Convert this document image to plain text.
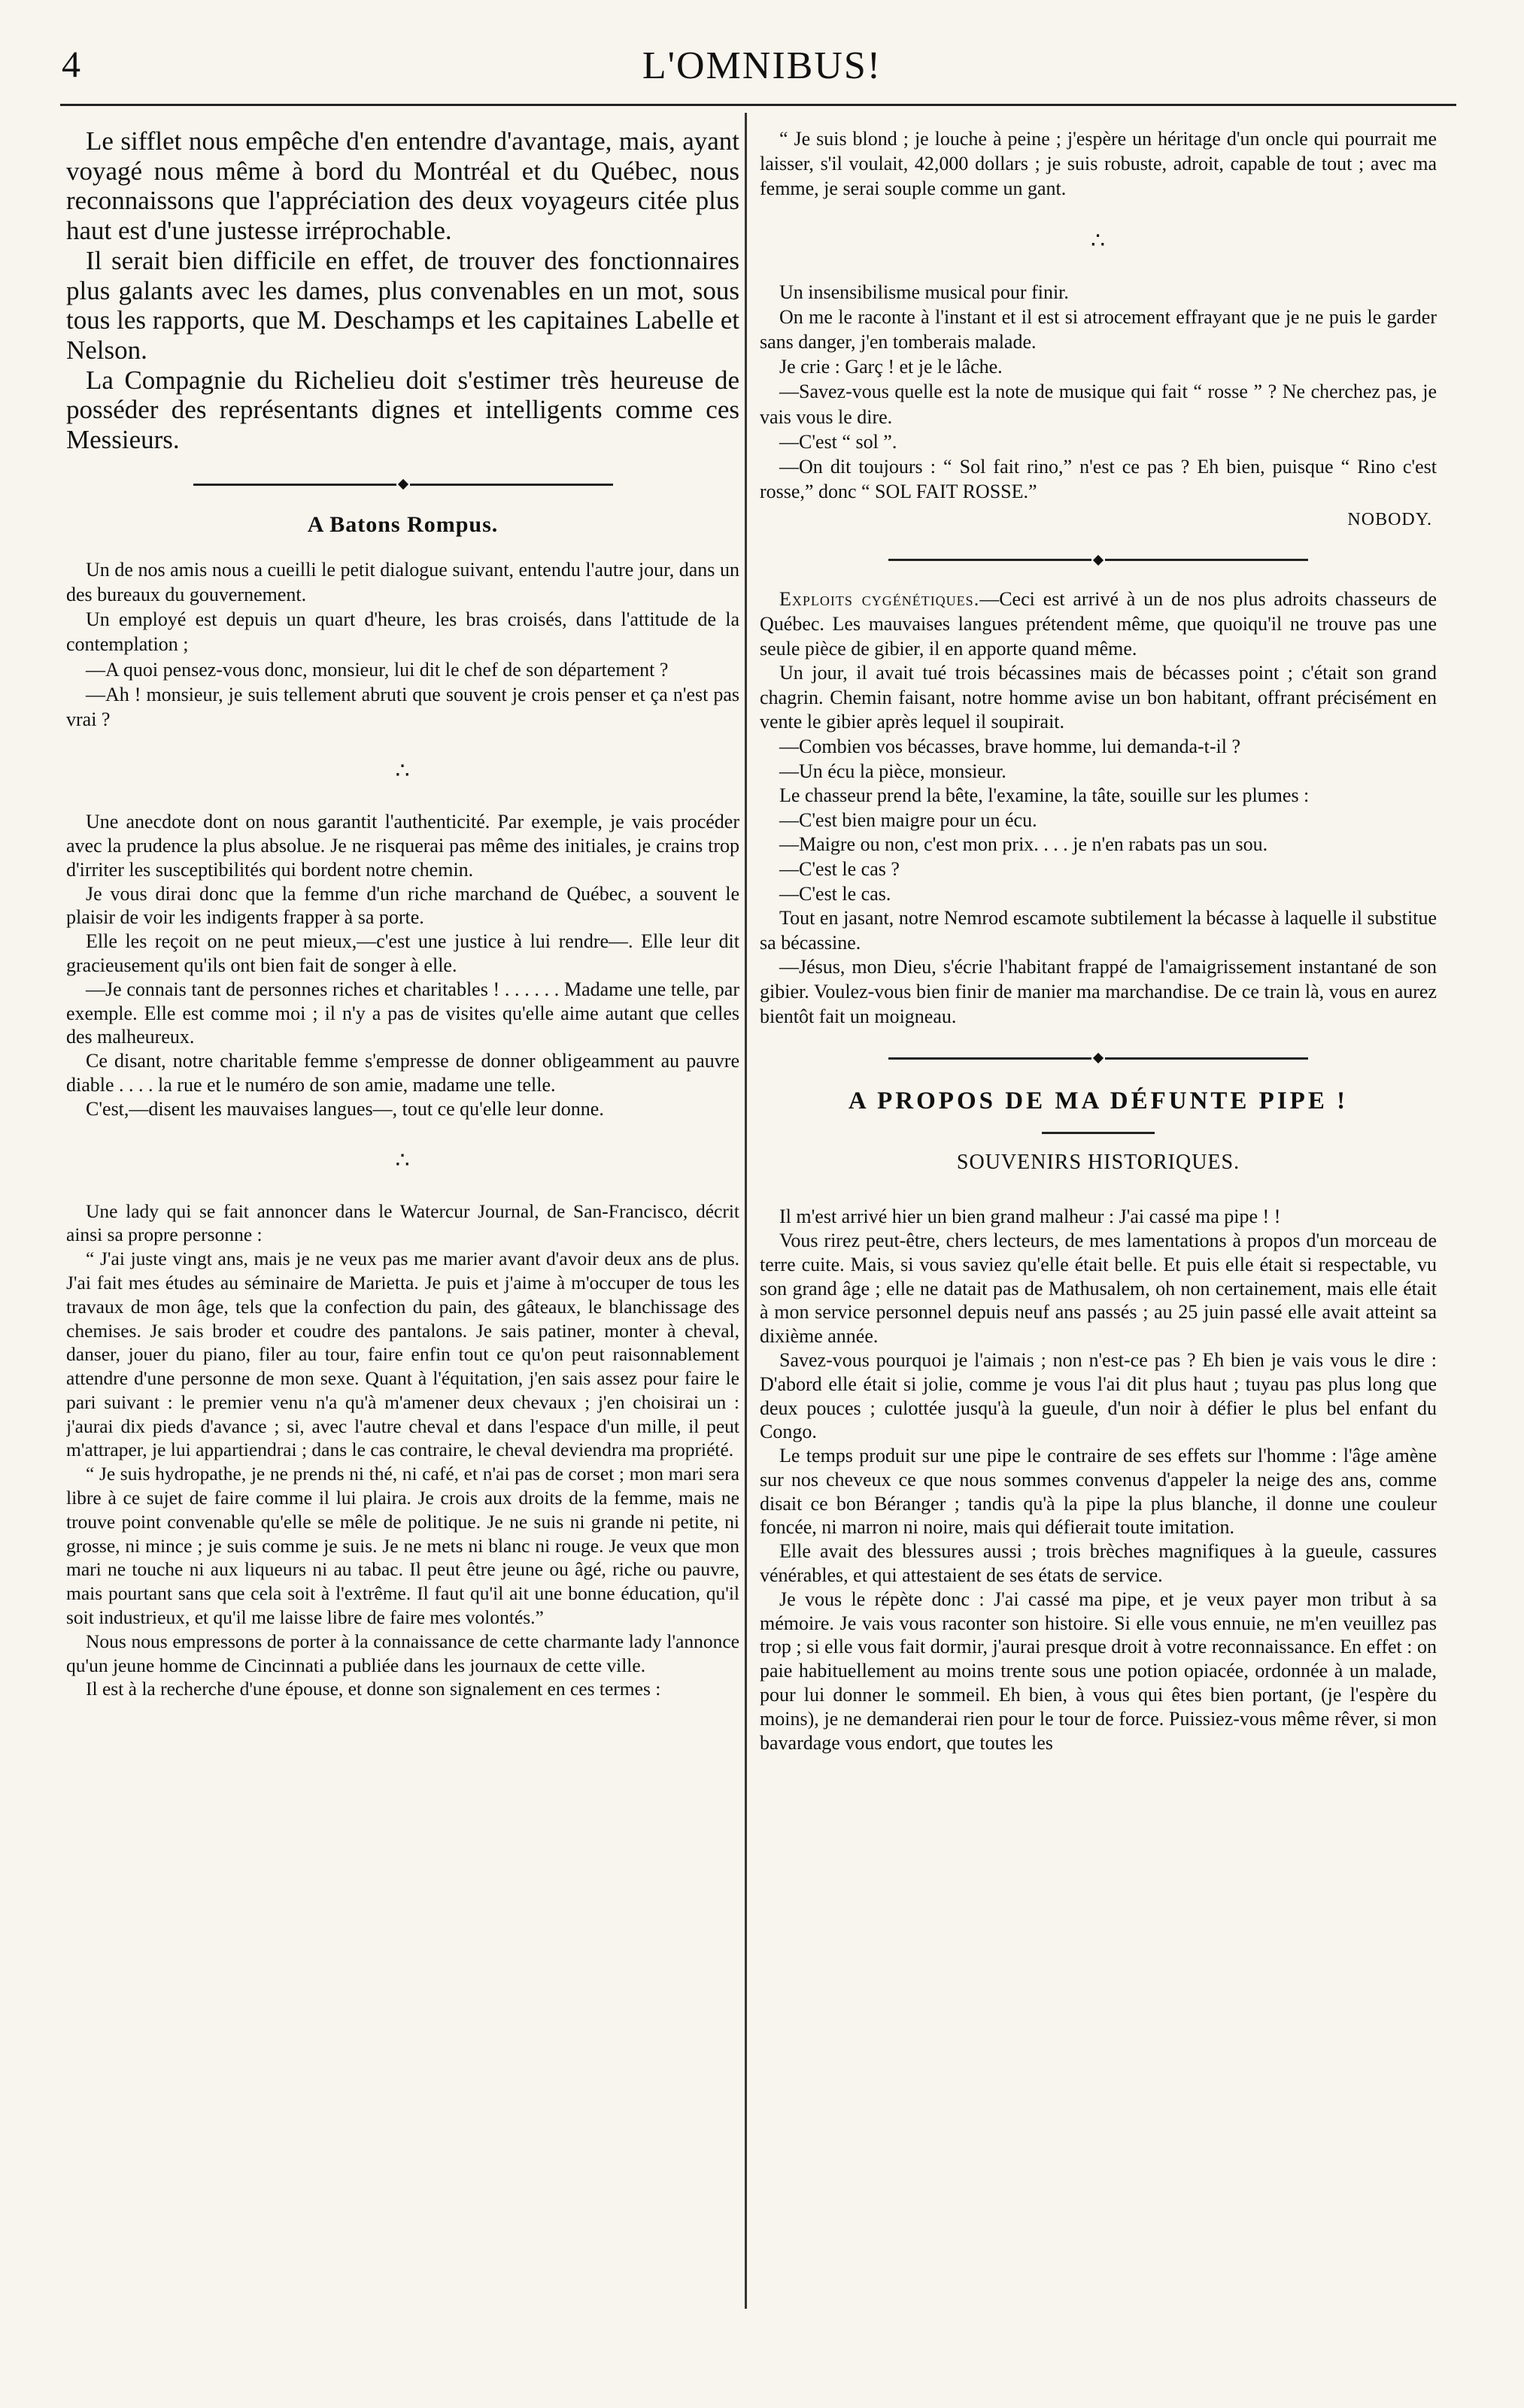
4	L'OMNIBUS!

Le sifflet nous empêche d'en entendre d'avantage, mais, ayant voyagé nous même à bord du Montréal et du Québec, nous reconnaissons que l'appréciation des deux voyageurs citée plus haut est d'une justesse irréprochable.

Il serait bien difficile en effet, de trouver des fonctionnaires plus galants avec les dames, plus convenables en un mot, sous tous les rapports, que M. Deschamps et les capitaines Labelle et Nelson.

La Compagnie du Richelieu doit s'estimer très heureuse de posséder des représentants dignes et intelligents comme ces Messieurs.

A Batons Rompus.

Un de nos amis nous a cueilli le petit dialogue suivant, entendu l'autre jour, dans un des bureaux du gouvernement.

Un employé est depuis un quart d'heure, les bras croisés, dans l'attitude de la contemplation ;

—A quoi pensez-vous donc, monsieur, lui dit le chef de son département ?

—Ah ! monsieur, je suis tellement abruti que souvent je crois penser et ça n'est pas vrai ?

∴

Une anecdote dont on nous garantit l'authenticité. Par exemple, je vais procéder avec la prudence la plus absolue. Je ne risquerai pas même des initiales, je crains trop d'irriter les susceptibilités qui bordent notre chemin.

Je vous dirai donc que la femme d'un riche marchand de Québec, a souvent le plaisir de voir les indigents frapper à sa porte.

Elle les reçoit on ne peut mieux,—c'est une justice à lui rendre—. Elle leur dit gracieusement qu'ils ont bien fait de songer à elle.

—Je connais tant de personnes riches et charitables ! . . . . . . Madame une telle, par exemple. Elle est comme moi ; il n'y a pas de visites qu'elle aime autant que celles des malheureux.

Ce disant, notre charitable femme s'empresse de donner obligeamment au pauvre diable . . . . la rue et le numéro de son amie, madame une telle.

C'est,—disent les mauvaises langues—, tout ce qu'elle leur donne.

∴

Une lady qui se fait annoncer dans le Watercur Journal, de San-Francisco, décrit ainsi sa propre personne :

“ J'ai juste vingt ans, mais je ne veux pas me marier avant d'avoir deux ans de plus. J'ai fait mes études au séminaire de Marietta. Je puis et j'aime à m'occuper de tous les travaux de mon âge, tels que la confection du pain, des gâteaux, le blanchissage des chemises. Je sais broder et coudre des pantalons. Je sais patiner, monter à cheval, danser, jouer du piano, filer au tour, faire enfin tout ce qu'on peut raisonnablement attendre d'une personne de mon sexe. Quant à l'équitation, j'en sais assez pour faire le pari suivant : le premier venu n'a qu'à m'amener deux chevaux ; j'en choisirai un : j'aurai dix pieds d'avance ; si, avec l'autre cheval et dans l'espace d'un mille, il peut m'attraper, je lui appartiendrai ; dans le cas contraire, le cheval deviendra ma propriété.

“ Je suis hydropathe, je ne prends ni thé, ni café, et n'ai pas de corset ; mon mari sera libre à ce sujet de faire comme il lui plaira. Je crois aux droits de la femme, mais ne trouve point convenable qu'elle se mêle de politique. Je ne suis ni grande ni petite, ni grosse, ni mince ; je suis comme je suis. Je ne mets ni blanc ni rouge. Je veux que mon mari ne touche ni aux liqueurs ni au tabac. Il peut être jeune ou âgé, riche ou pauvre, mais pourtant sans que cela soit à l'extrême. Il faut qu'il ait une bonne éducation, qu'il soit industrieux, et qu'il me laisse libre de faire mes volontés.”

Nous nous empressons de porter à la connaissance de cette charmante lady l'annonce qu'un jeune homme de Cincinnati a publiée dans les journaux de cette ville.

Il est à la recherche d'une épouse, et donne son signalement en ces termes :

“ Je suis blond ; je louche à peine ; j'espère un héritage d'un oncle qui pourrait me laisser, s'il voulait, 42,000 dollars ; je suis robuste, adroit, capable de tout ; avec ma femme, je serai souple comme un gant.

∴

Un insensibilisme musical pour finir.

On me le raconte à l'instant et il est si atrocement effrayant que je ne puis le garder sans danger, j'en tomberais malade.

Je crie : Garç ! et je le lâche.

—Savez-vous quelle est la note de musique qui fait “ rosse ” ? Ne cherchez pas, je vais vous le dire.

—C'est “ sol ”.

—On dit toujours : “ Sol fait rino,” n'est ce pas ? Eh bien, puisque “ Rino c'est rosse,” donc “ SOL FAIT ROSSE.”

NOBODY.

Exploits cygénétiques.—Ceci est arrivé à un de nos plus adroits chasseurs de Québec. Les mauvaises langues prétendent même, que quoiqu'il ne trouve pas une seule pièce de gibier, il en apporte quand même.

Un jour, il avait tué trois bécassines mais de bécasses point ; c'était son grand chagrin. Chemin faisant, notre homme avise un bon habitant, offrant précisément en vente le gibier après lequel il soupirait.

—Combien vos bécasses, brave homme, lui demanda-t-il ?

—Un écu la pièce, monsieur.

Le chasseur prend la bête, l'examine, la tâte, souille sur les plumes :

—C'est bien maigre pour un écu.

—Maigre ou non, c'est mon prix. . . . je n'en rabats pas un sou.

—C'est le cas ?

—C'est le cas.

Tout en jasant, notre Nemrod escamote subtilement la bécasse à laquelle il substitue sa bécassine.

—Jésus, mon Dieu, s'écrie l'habitant frappé de l'amaigrissement instantané de son gibier. Voulez-vous bien finir de manier ma marchandise. De ce train là, vous en aurez bientôt fait un moigneau.

A PROPOS DE MA DÉFUNTE PIPE !
SOUVENIRS HISTORIQUES.

Il m'est arrivé hier un bien grand malheur : J'ai cassé ma pipe ! !

Vous rirez peut-être, chers lecteurs, de mes lamentations à propos d'un morceau de terre cuite. Mais, si vous saviez qu'elle était belle. Et puis elle était si respectable, vu son grand âge ; elle ne datait pas de Mathusalem, oh non certainement, mais elle était à mon service personnel depuis neuf ans passés ; au 25 juin passé elle avait atteint sa dixième année.

Savez-vous pourquoi je l'aimais ; non n'est-ce pas ? Eh bien je vais vous le dire : D'abord elle était si jolie, comme je vous l'ai dit plus haut ; tuyau pas plus long que deux pouces ; culottée jusqu'à la gueule, d'un noir à défier le plus bel enfant du Congo.

Le temps produit sur une pipe le contraire de ses effets sur l'homme : l'âge amène sur nos cheveux ce que nous sommes convenus d'appeler la neige des ans, comme disait ce bon Béranger ; tandis qu'à la pipe la plus blanche, il donne une couleur foncée, ni marron ni noire, mais qui défierait toute imitation.

Elle avait des blessures aussi ; trois brèches magnifiques à la gueule, cassures vénérables, et qui attestaient de ses états de service.

Je vous le répète donc : J'ai cassé ma pipe, et je veux payer mon tribut à sa mémoire. Je vais vous raconter son histoire. Si elle vous ennuie, ne m'en veuillez pas trop ; si elle vous fait dormir, j'aurai presque droit à votre reconnaissance. En effet : on paie habituellement au moins trente sous une potion opiacée, ordonnée à un malade, pour lui donner le sommeil. Eh bien, à vous qui êtes bien portant, (je l'espère du moins), je ne demanderai rien pour le tour de force. Puissiez-vous même rêver, si mon bavardage vous endort, que toutes les
